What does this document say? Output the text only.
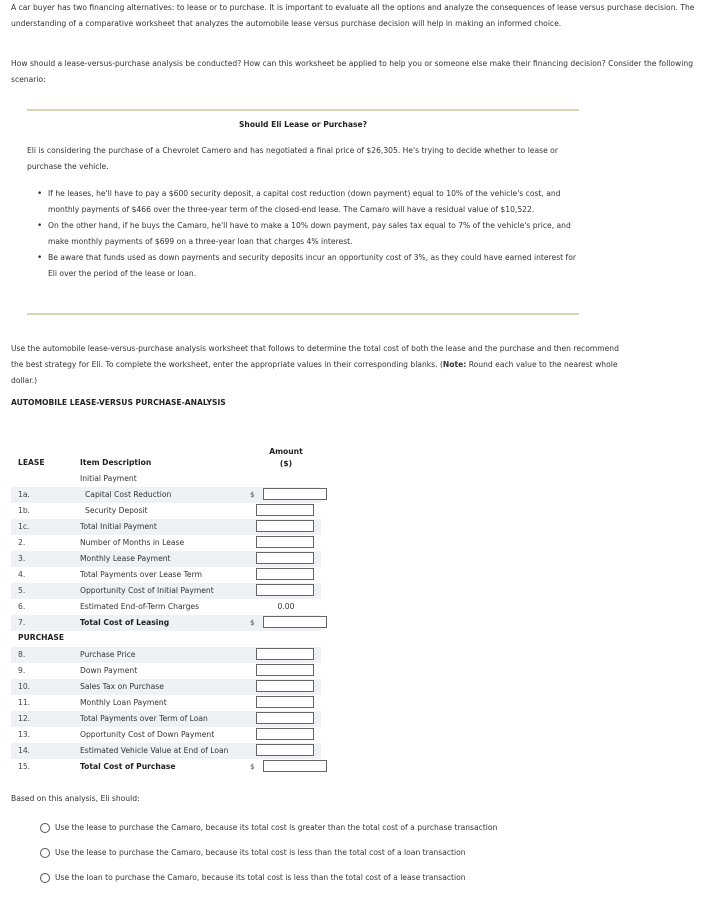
A car buyer has two financing alternatives: to lease or to purchase. It is important to evaluate all the options and analyze the consequences of lease versus purchase decision. The understanding of a comparative worksheet that analyzes the automobile lease versus purchase decision will help in making an informed choice.

How should a lease-versus-purchase analysis be conducted? How can this worksheet be applied to help you or someone else make their financing decision? Consider the following scenario:

Should Eli Lease or Purchase?

Eli is considering the purchase of a Chevrolet Camero and has negotiated a final price of $26,305. He's trying to decide whether to lease or purchase the vehicle.

• If he leases, he'll have to pay a $600 security deposit, a capital cost reduction (down payment) equal to 10% of the vehicle's cost, and monthly payments of $466 over the three-year term of the closed-end lease. The Camaro will have a residual value of $10,522.
• On the other hand, if he buys the Camaro, he'll have to make a 10% down payment, pay sales tax equal to 7% of the vehicle's price, and make monthly payments of $699 on a three-year loan that charges 4% interest.
• Be aware that funds used as down payments and security deposits incur an opportunity cost of 3%, as they could have earned interest for Eli over the period of the lease or loan.

Use the automobile lease-versus-purchase analysis worksheet that follows to determine the total cost of both the lease and the purchase and then recommend the best strategy for Eli. To complete the worksheet, enter the appropriate values in their corresponding blanks. (Note: Round each value to the nearest whole dollar.)

AUTOMOBILE LEASE-VERSUS PURCHASE-ANALYSIS
Amount
($)
LEASE	Item Description
Initial Payment
1a.	Capital Cost Reduction	$
1b.	Security Deposit
1c.	Total Initial Payment
2.	Number of Months in Lease
3.	Monthly Lease Payment
4.	Total Payments over Lease Term
5.	Opportunity Cost of Initial Payment
6.	Estimated End-of-Term Charges	0.00
7.	Total Cost of Leasing	$
PURCHASE
8.	Purchase Price
9.	Down Payment
10.	Sales Tax on Purchase
11.	Monthly Loan Payment
12.	Total Payments over Term of Loan
13.	Opportunity Cost of Down Payment
14.	Estimated Vehicle Value at End of Loan
15.	Total Cost of Purchase	$
Based on this analysis, Eli should:
Use the lease to purchase the Camaro, because its total cost is greater than the total cost of a purchase transaction
Use the lease to purchase the Camaro, because its total cost is less than the total cost of a loan transaction
Use the loan to purchase the Camaro, because its total cost is less than the total cost of a lease transaction
